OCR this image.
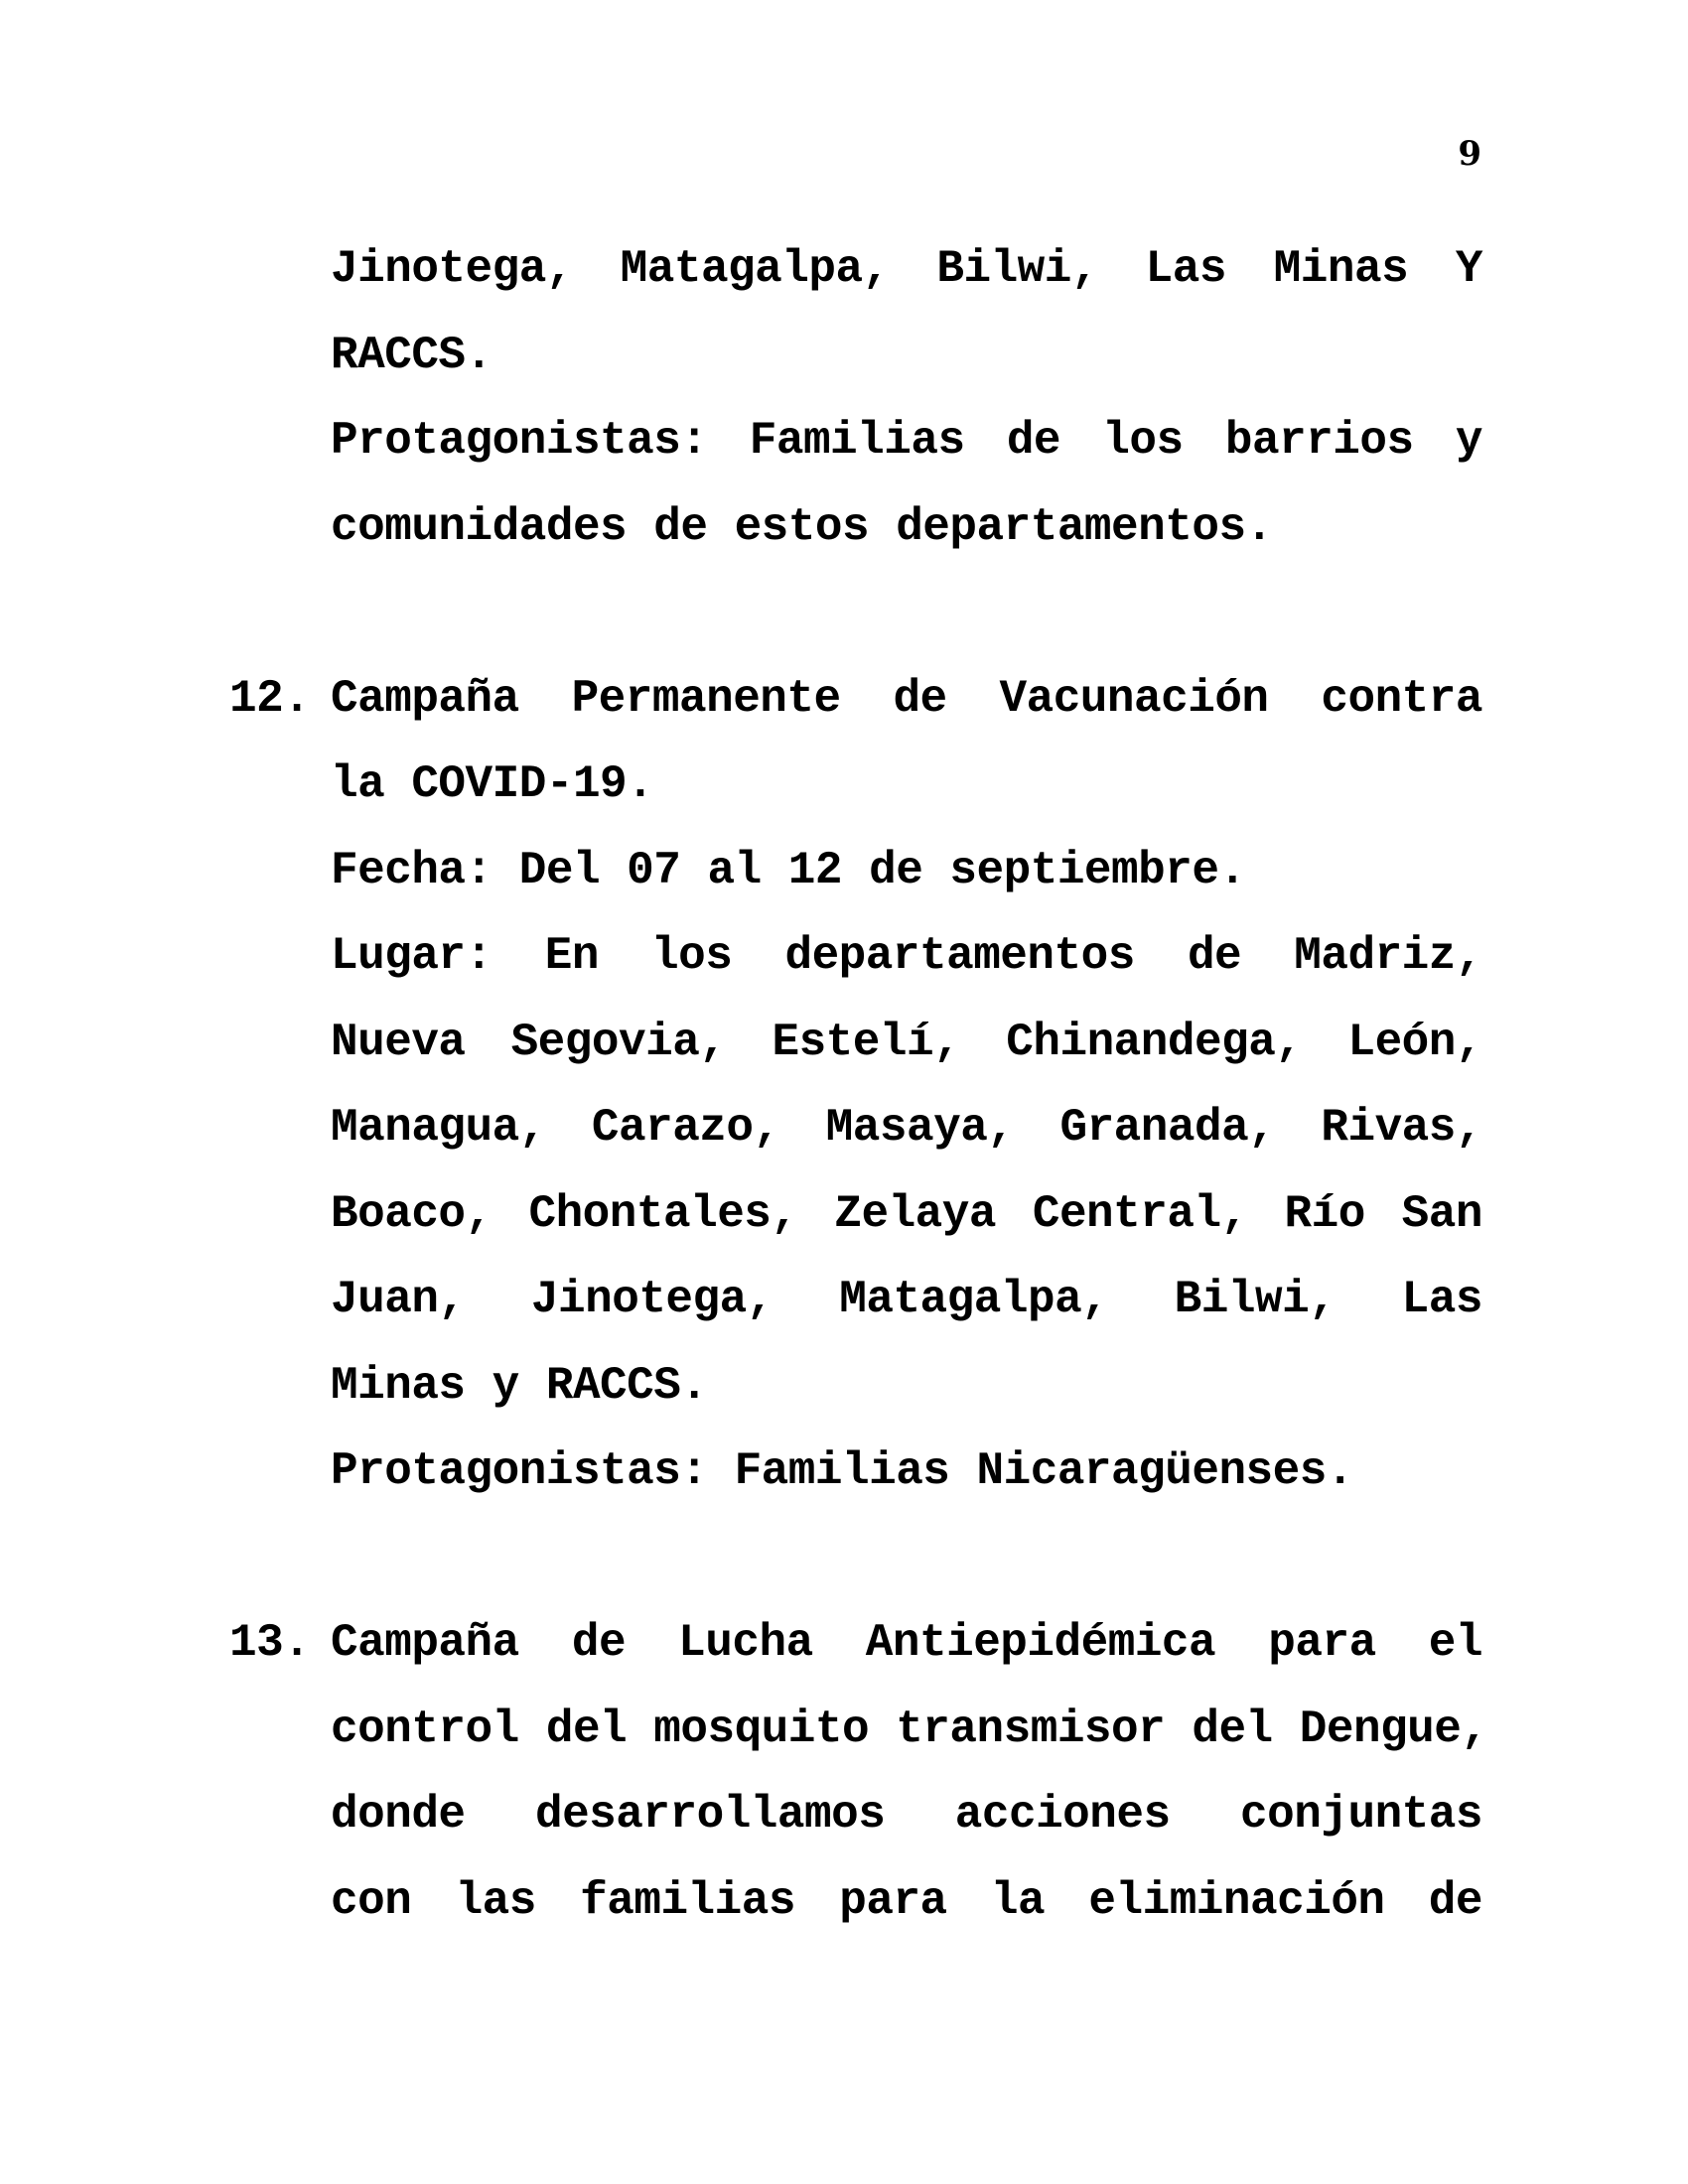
9
Jinotega, Matagalpa, Bilwi, Las Minas Y
RACCS.
Protagonistas: Familias de los barrios y
comunidades de estos departamentos.
12. Campaña Permanente de Vacunación contra
la COVID-19.
Fecha: Del 07 al 12 de septiembre.
Lugar: En los departamentos de Madriz,
Nueva Segovia, Estelí, Chinandega, León,
Managua, Carazo, Masaya, Granada, Rivas,
Boaco, Chontales, Zelaya Central, Río San
Juan, Jinotega, Matagalpa, Bilwi, Las
Minas y RACCS.
Protagonistas: Familias Nicaragüenses.
13. Campaña de Lucha Antiepidémica para el
control del mosquito transmisor del Dengue,
donde desarrollamos acciones conjuntas
con las familias para la eliminación de
